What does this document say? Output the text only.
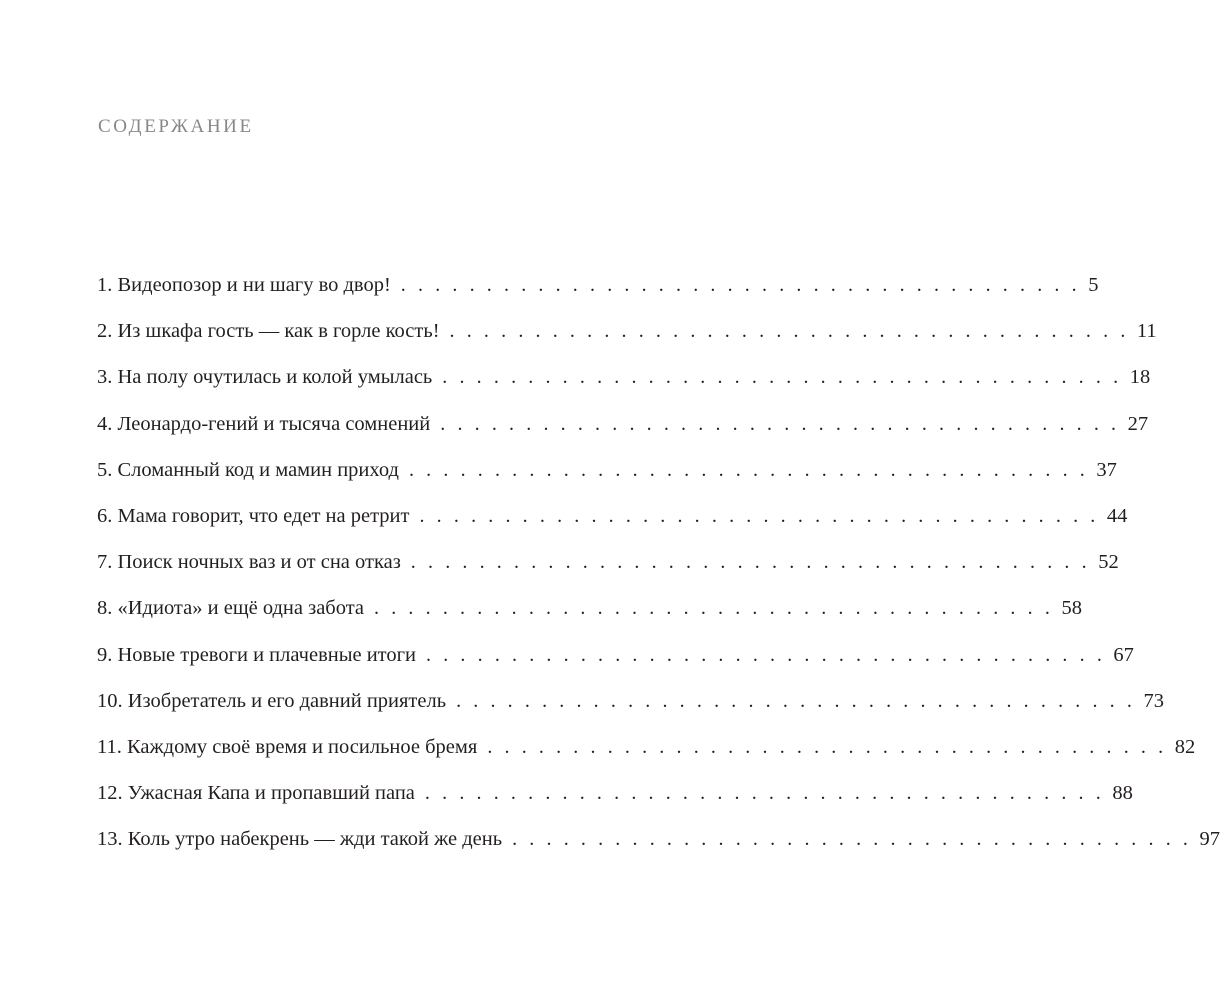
СОДЕРЖАНИЕ
1. Видеопозор и ни шагу во двор! . . . . . . . . . . . . . . . . . . . . . . . . . . . . . . . . . . . . . . . . 5
2. Из шкафа гость — как в горле кость! . . . . . . . . . . . . . . . . . . . . . . . . . . . . . . . . . . . . . . . . 11
3. На полу очутилась и колой умылась . . . . . . . . . . . . . . . . . . . . . . . . . . . . . . . . . . . . . . . . 18
4. Леонардо-гений и тысяча сомнений . . . . . . . . . . . . . . . . . . . . . . . . . . . . . . . . . . . . . . . . 27
5. Сломанный код и мамин приход . . . . . . . . . . . . . . . . . . . . . . . . . . . . . . . . . . . . . . . . 37
6. Мама говорит, что едет на ретрит . . . . . . . . . . . . . . . . . . . . . . . . . . . . . . . . . . . . . . . . 44
7. Поиск ночных ваз и от сна отказ . . . . . . . . . . . . . . . . . . . . . . . . . . . . . . . . . . . . . . . . 52
8. «Идиота» и ещё одна забота . . . . . . . . . . . . . . . . . . . . . . . . . . . . . . . . . . . . . . . . 58
9. Новые тревоги и плачевные итоги . . . . . . . . . . . . . . . . . . . . . . . . . . . . . . . . . . . . . . . . 67
10. Изобретатель и его давний приятель . . . . . . . . . . . . . . . . . . . . . . . . . . . . . . . . . . . . . . . . 73
11. Каждому своё время и посильное бремя . . . . . . . . . . . . . . . . . . . . . . . . . . . . . . . . . . . . . . . . 82
12. Ужасная Капа и пропавший папа . . . . . . . . . . . . . . . . . . . . . . . . . . . . . . . . . . . . . . . . 88
13. Коль утро набекрень — жди такой же день . . . . . . . . . . . . . . . . . . . . . . . . . . . . . . . . . . . . . . . . 97
